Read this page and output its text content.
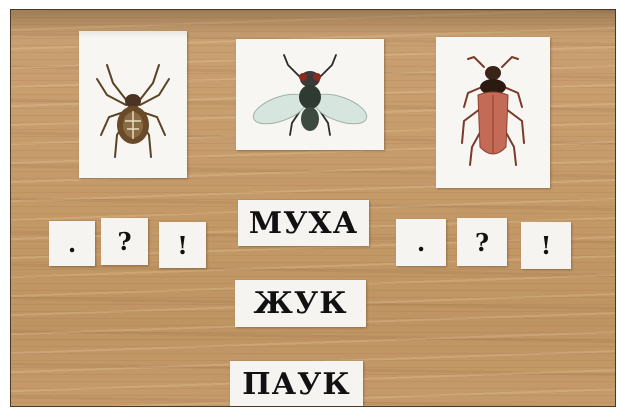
. ? !
МУХА
ЖУК
ПАУК
. ? !
